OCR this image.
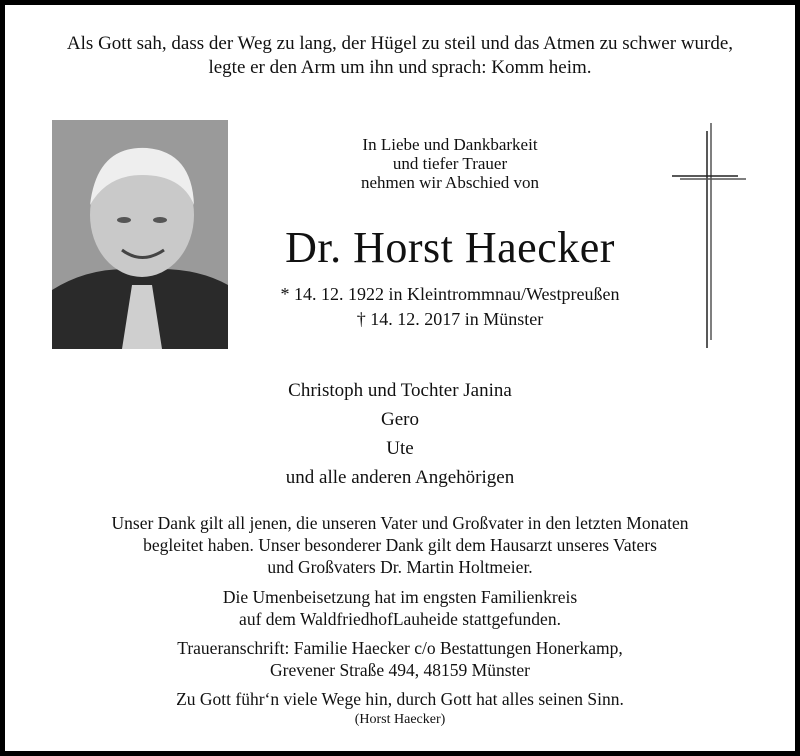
Als Gott sah, dass der Weg zu lang, der Hügel zu steil und das Atmen zu schwer wurde,
legte er den Arm um ihn und sprach: Komm heim.
In Liebe und Dankbarkeit
und tiefer Trauer
nehmen wir Abschied von
Dr. Horst Haecker
* 14. 12. 1922 in Kleintrommnau/Westpreußen
† 14. 12. 2017 in Münster
Christoph und Tochter Janina
Gero
Ute
und alle anderen Angehörigen
Unser Dank gilt all jenen, die unseren Vater und Großvater in den letzten Monaten
begleitet haben. Unser besonderer Dank gilt dem Hausarzt unseres Vaters
und Großvaters Dr. Martin Holtmeier.
Die Umenbeisetzung hat im engsten Familienkreis
auf dem WaldfriedhofLauheide stattgefunden.
Traueranschrift: Familie Haecker c/o Bestattungen Honerkamp,
Grevener Straße 494, 48159 Münster
Zu Gott führ‘n viele Wege hin, durch Gott hat alles seinen Sinn.
(Horst Haecker)
